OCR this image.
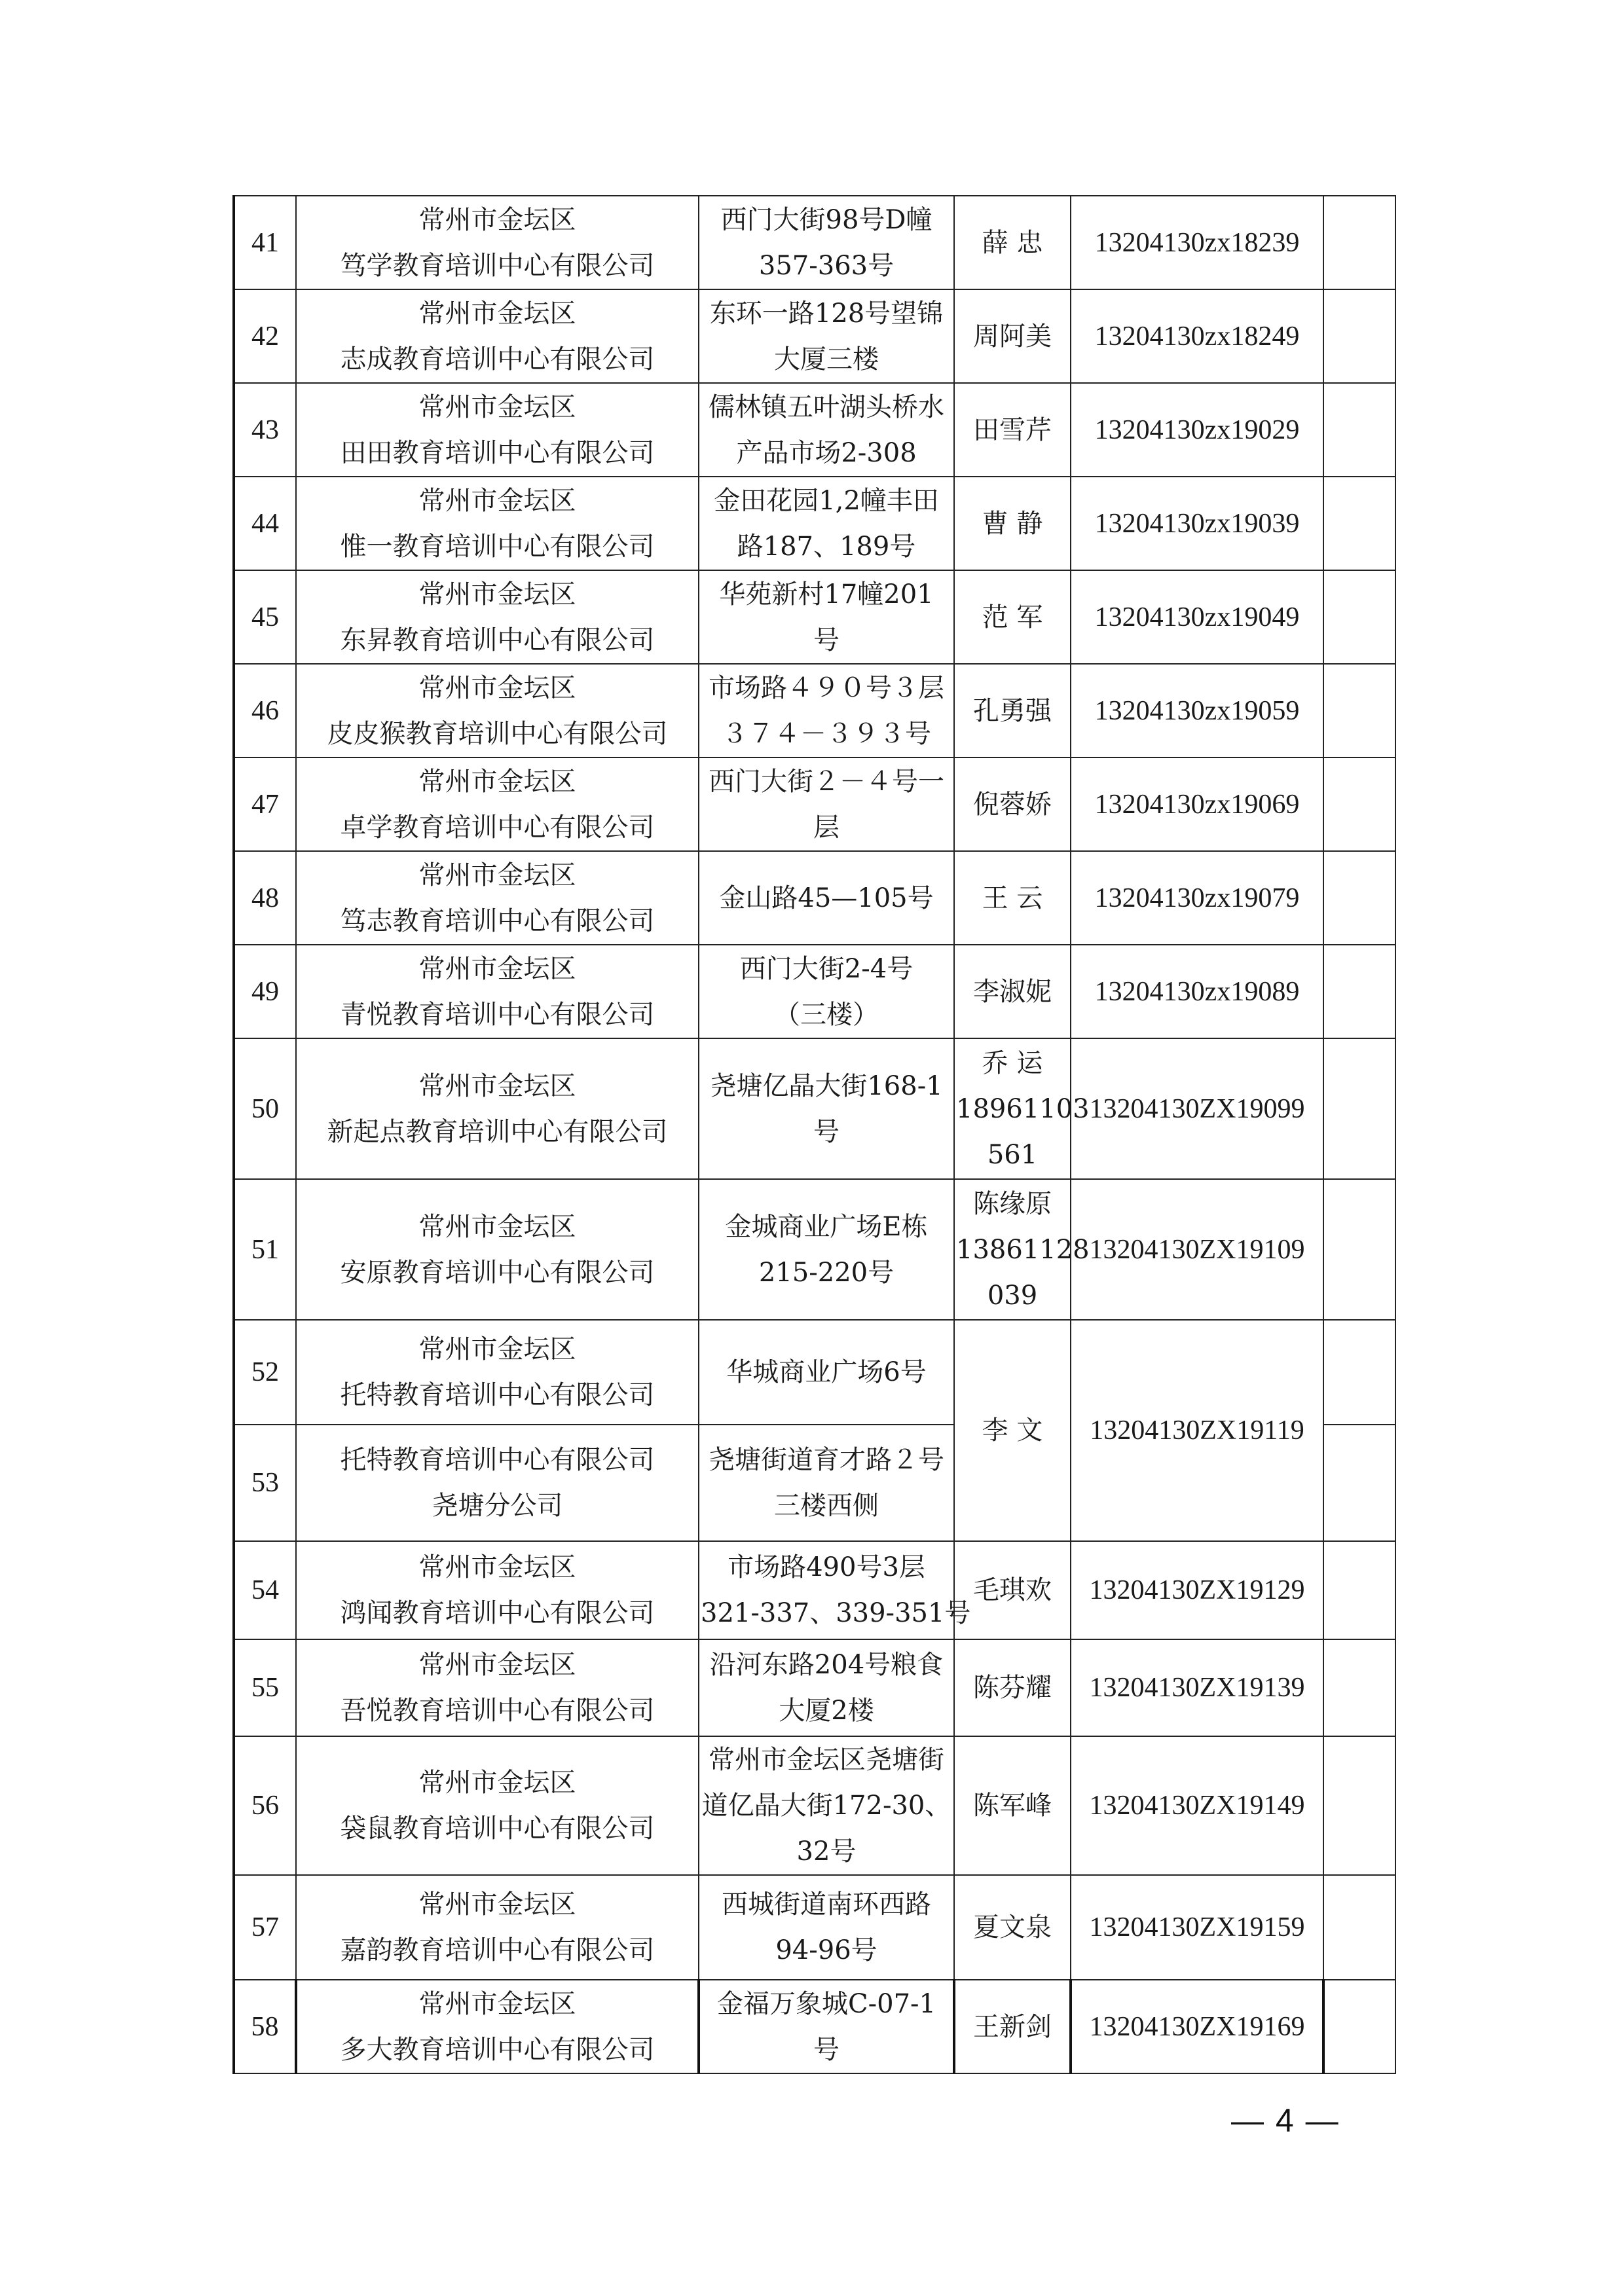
41	常州市金坛区
笃学教育培训中心有限公司	西门大街98号D幢
357-363号	薛 忠	13204130zx18239	
42	常州市金坛区
志成教育培训中心有限公司	东环一路128号望锦
大厦三楼	周阿美	13204130zx18249	
43	常州市金坛区
田田教育培训中心有限公司	儒林镇五叶湖头桥水
产品市场2-308	田雪芹	13204130zx19029	
44	常州市金坛区
惟一教育培训中心有限公司	金田花园1,2幢丰田
路187、189号	曹 静	13204130zx19039	
45	常州市金坛区
东昇教育培训中心有限公司	华苑新村17幢201
号	范 军	13204130zx19049	
46	常州市金坛区
皮皮猴教育培训中心有限公司	市场路４９０号３层
３７４－３９３号	孔勇强	13204130zx19059	
47	常州市金坛区
卓学教育培训中心有限公司	西门大街２－４号一
层	倪蓉娇	13204130zx19069	
48	常州市金坛区
笃志教育培训中心有限公司	金山路45—105号	王 云	13204130zx19079	
49	常州市金坛区
青悦教育培训中心有限公司	西门大街2-4号
（三楼）	李淑妮	13204130zx19089	
50	常州市金坛区
新起点教育培训中心有限公司	尧塘亿晶大街168-1
号	乔 运
18961103
561	13204130ZX19099	
51	常州市金坛区
安原教育培训中心有限公司	金城商业广场E栋
215-220号	陈缘原
13861128
039	13204130ZX19109	
52	常州市金坛区
托特教育培训中心有限公司	华城商业广场6号	李 文	13204130ZX19119	
53	托特教育培训中心有限公司
尧塘分公司	尧塘街道育才路２号
三楼西侧			

54	常州市金坛区
鸿闻教育培训中心有限公司	市场路490号3层
321-337、339-351号	毛琪欢	13204130ZX19129	
55	常州市金坛区
吾悦教育培训中心有限公司	沿河东路204号粮食
大厦2楼	陈芬耀	13204130ZX19139	
56	常州市金坛区
袋鼠教育培训中心有限公司	常州市金坛区尧塘街
道亿晶大街172-30、
32号	陈军峰	13204130ZX19149	
57	常州市金坛区
嘉韵教育培训中心有限公司	西城街道南环西路
94-96号	夏文泉	13204130ZX19159	
58	常州市金坛区
多大教育培训中心有限公司	金福万象城C-07-1
号	王新剑	13204130ZX19169	
— 4 —
